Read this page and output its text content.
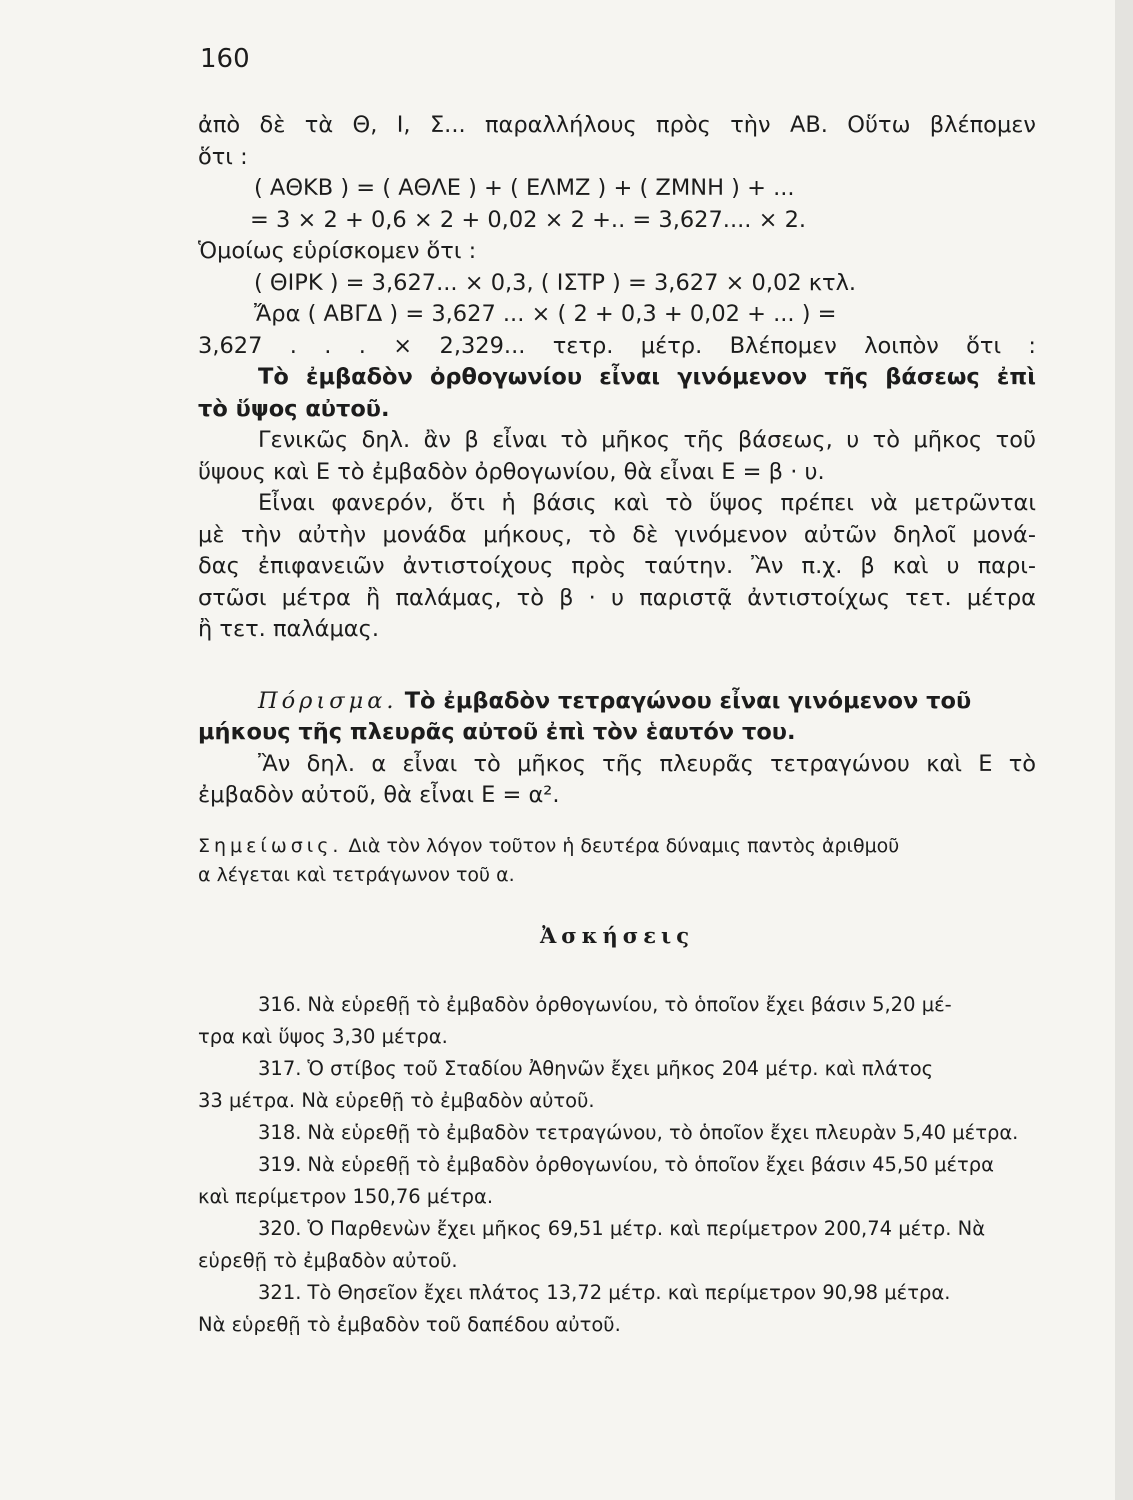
160
ἀπὸ δὲ τὰ Θ, Ι, Σ... παραλλήλους πρὸς τὴν ΑΒ. Οὕτω βλέπομεν
ὅτι :
( ΑΘΚΒ ) = ( ΑΘΛΕ ) + ( ΕΛΜΖ ) + ( ΖΜΝΗ ) + ...
= 3 × 2 + 0,6 × 2 + 0,02 × 2 +.. = 3,627.... × 2.
Ὁμοίως εὑρίσκομεν ὅτι :
( ΘΙΡΚ ) = 3,627... × 0,3, ( ΙΣΤΡ ) = 3,627 × 0,02 κτλ.
Ἄρα ( ΑΒΓΔ ) = 3,627 ... × ( 2 + 0,3 + 0,02 + ... ) =
3,627 . . . × 2,329... τετρ. μέτρ. Βλέπομεν λοιπὸν ὅτι :
Τὸ ἐμβαδὸν ὀρθογωνίου εἶναι γινόμενον τῆς βάσεως ἐπὶ
τὸ ὕψος αὐτοῦ.
Γενικῶς δηλ. ἂν β εἶναι τὸ μῆκος τῆς βάσεως, υ τὸ μῆκος τοῦ
ὕψους καὶ Ε τὸ ἐμβαδὸν ὀρθογωνίου, θὰ εἶναι Ε = β · υ.
Εἶναι φανερόν, ὅτι ἡ βάσις καὶ τὸ ὕψος πρέπει νὰ μετρῶνται
μὲ τὴν αὐτὴν μονάδα μήκους, τὸ δὲ γινόμενον αὐτῶν δηλοῖ μονά-
δας ἐπιφανειῶν ἀντιστοίχους πρὸς ταύτην. Ἂν π.χ. β καὶ υ παρι-
στῶσι μέτρα ἢ παλάμας, τὸ β · υ παριστᾷ ἀντιστοίχως τετ. μέτρα
ἢ τετ. παλάμας.
Πόρισμα. Τὸ ἐμβαδὸν τετραγώνου εἶναι γινόμενον τοῦ
μήκους τῆς πλευρᾶς αὐτοῦ ἐπὶ τὸν ἑαυτόν του.
Ἂν δηλ. α εἶναι τὸ μῆκος τῆς πλευρᾶς τετραγώνου καὶ Ε τὸ
ἐμβαδὸν αὐτοῦ, θὰ εἶναι Ε = α².
Σημείωσις. Διὰ τὸν λόγον τοῦτον ἡ δευτέρα δύναμις παντὸς ἀριθμοῦ
α λέγεται καὶ τετράγωνον τοῦ α.
Ἀσκήσεις
316. Νὰ εὑρεθῇ τὸ ἐμβαδὸν ὀρθογωνίου, τὸ ὁποῖον ἔχει βάσιν 5,20 μέ-
τρα καὶ ὕψος 3,30 μέτρα.
317. Ὁ στίβος τοῦ Σταδίου Ἀθηνῶν ἔχει μῆκος 204 μέτρ. καὶ πλάτος
33 μέτρα. Νὰ εὑρεθῇ τὸ ἐμβαδὸν αὐτοῦ.
318. Νὰ εὑρεθῇ τὸ ἐμβαδὸν τετραγώνου, τὸ ὁποῖον ἔχει πλευρὰν 5,40 μέτρα.
319. Νὰ εὑρεθῇ τὸ ἐμβαδὸν ὀρθογωνίου, τὸ ὁποῖον ἔχει βάσιν 45,50 μέτρα
καὶ περίμετρον 150,76 μέτρα.
320. Ὁ Παρθενὼν ἔχει μῆκος 69,51 μέτρ. καὶ περίμετρον 200,74 μέτρ. Νὰ
εὑρεθῇ τὸ ἐμβαδὸν αὐτοῦ.
321. Τὸ Θησεῖον ἔχει πλάτος 13,72 μέτρ. καὶ περίμετρον 90,98 μέτρα.
Νὰ εὑρεθῇ τὸ ἐμβαδὸν τοῦ δαπέδου αὐτοῦ.
